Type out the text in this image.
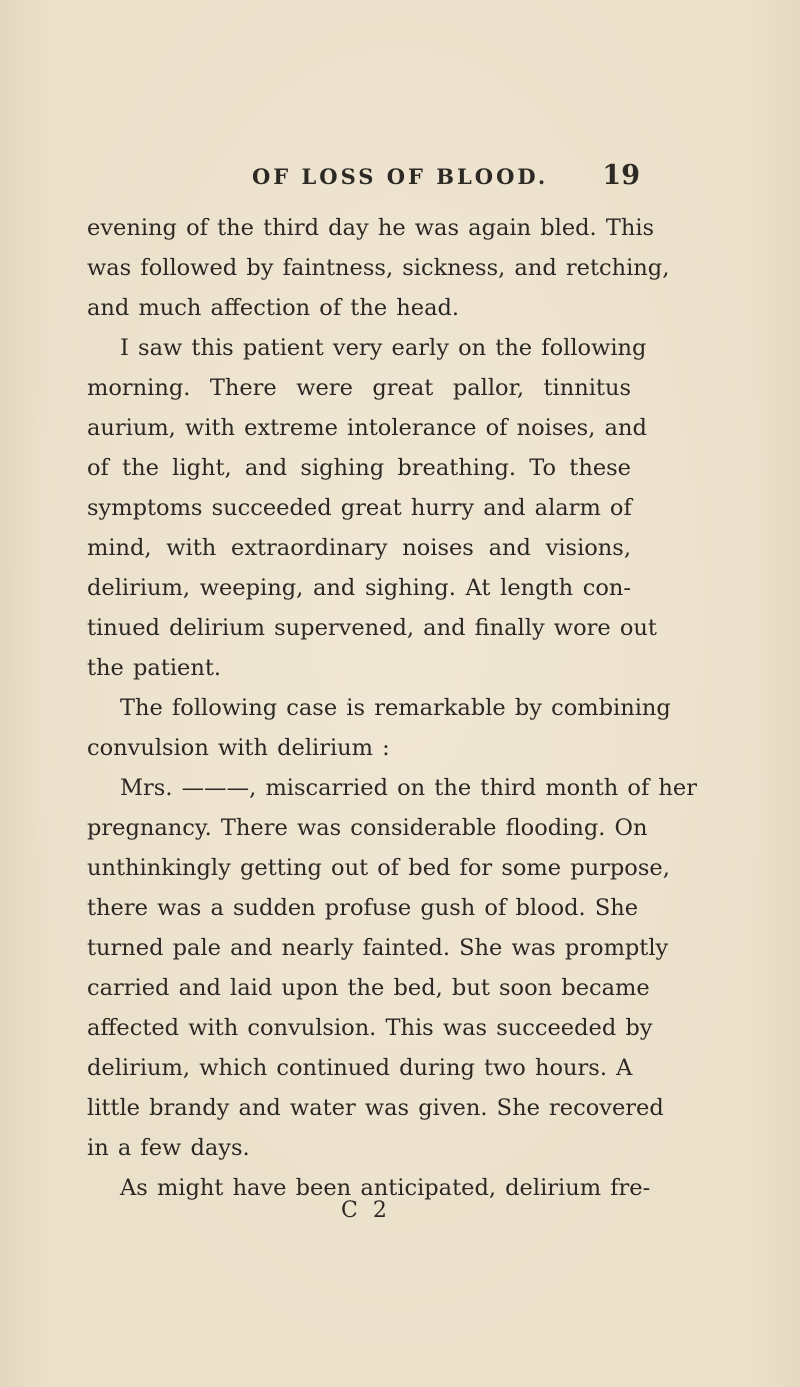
OF LOSS OF BLOOD. 19
evening of the third day he was again bled. This
was followed by faintness, sickness, and retching,
and much affection of the head.
I saw this patient very early on the following
morning. There were great pallor, tinnitus
aurium, with extreme intolerance of noises, and
of the light, and sighing breathing. To these
symptoms succeeded great hurry and alarm of
mind, with extraordinary noises and visions,
delirium, weeping, and sighing. At length con-
tinued delirium supervened, and finally wore out
the patient.
The following case is remarkable by combining
convulsion with delirium :
Mrs. ———, miscarried on the third month of her
pregnancy. There was considerable flooding. On
unthinkingly getting out of bed for some purpose,
there was a sudden profuse gush of blood. She
turned pale and nearly fainted. She was promptly
carried and laid upon the bed, but soon became
affected with convulsion. This was succeeded by
delirium, which continued during two hours. A
little brandy and water was given. She recovered
in a few days.
As might have been anticipated, delirium fre-
C 2
